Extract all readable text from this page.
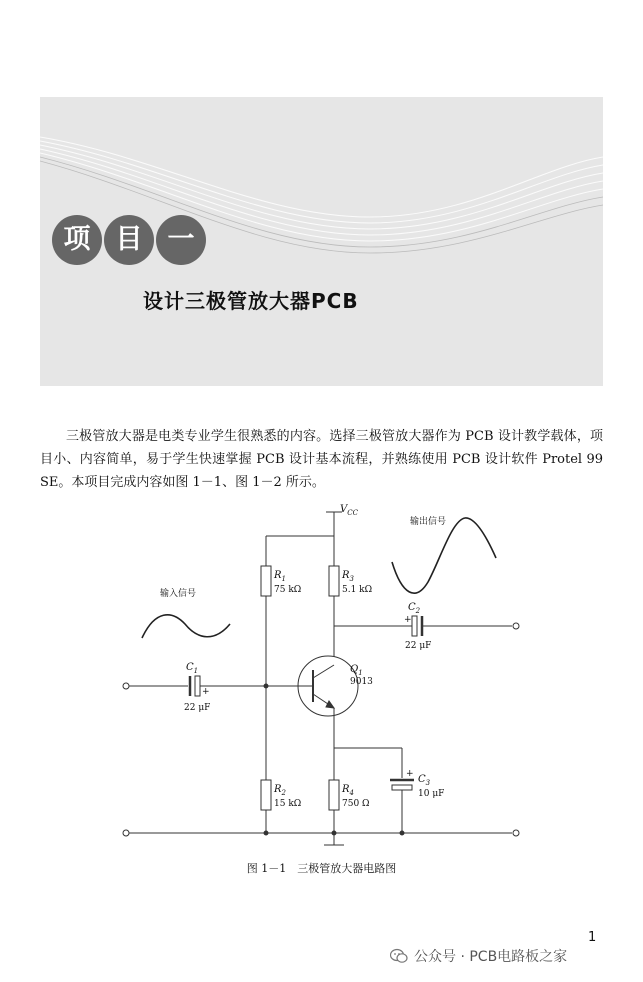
项 目 一
设计三极管放大器PCB

三极管放大器是电类专业学生很熟悉的内容。选择三极管放大器作为 PCB 设计教学载体，项目小、内容简单，易于学生快速掌握 PCB 设计基本流程，并熟练使用 PCB 设计软件 Protel 99 SE。本项目完成内容如图 1－1、图 1－2 所示。

$V_{CC}$
输出信号
输入信号
$R_1$
75 kΩ
$R_3$
5.1 kΩ
$C_2$
+
22 μF
$C_1$
+
22 μF
$Q_1$
9013
$R_2$
15 kΩ
$R_4$
750 Ω
+ $C_3$
10 μF
图 1－1　三极管放大器电路图
1
公众号 · PCB电路板之家
